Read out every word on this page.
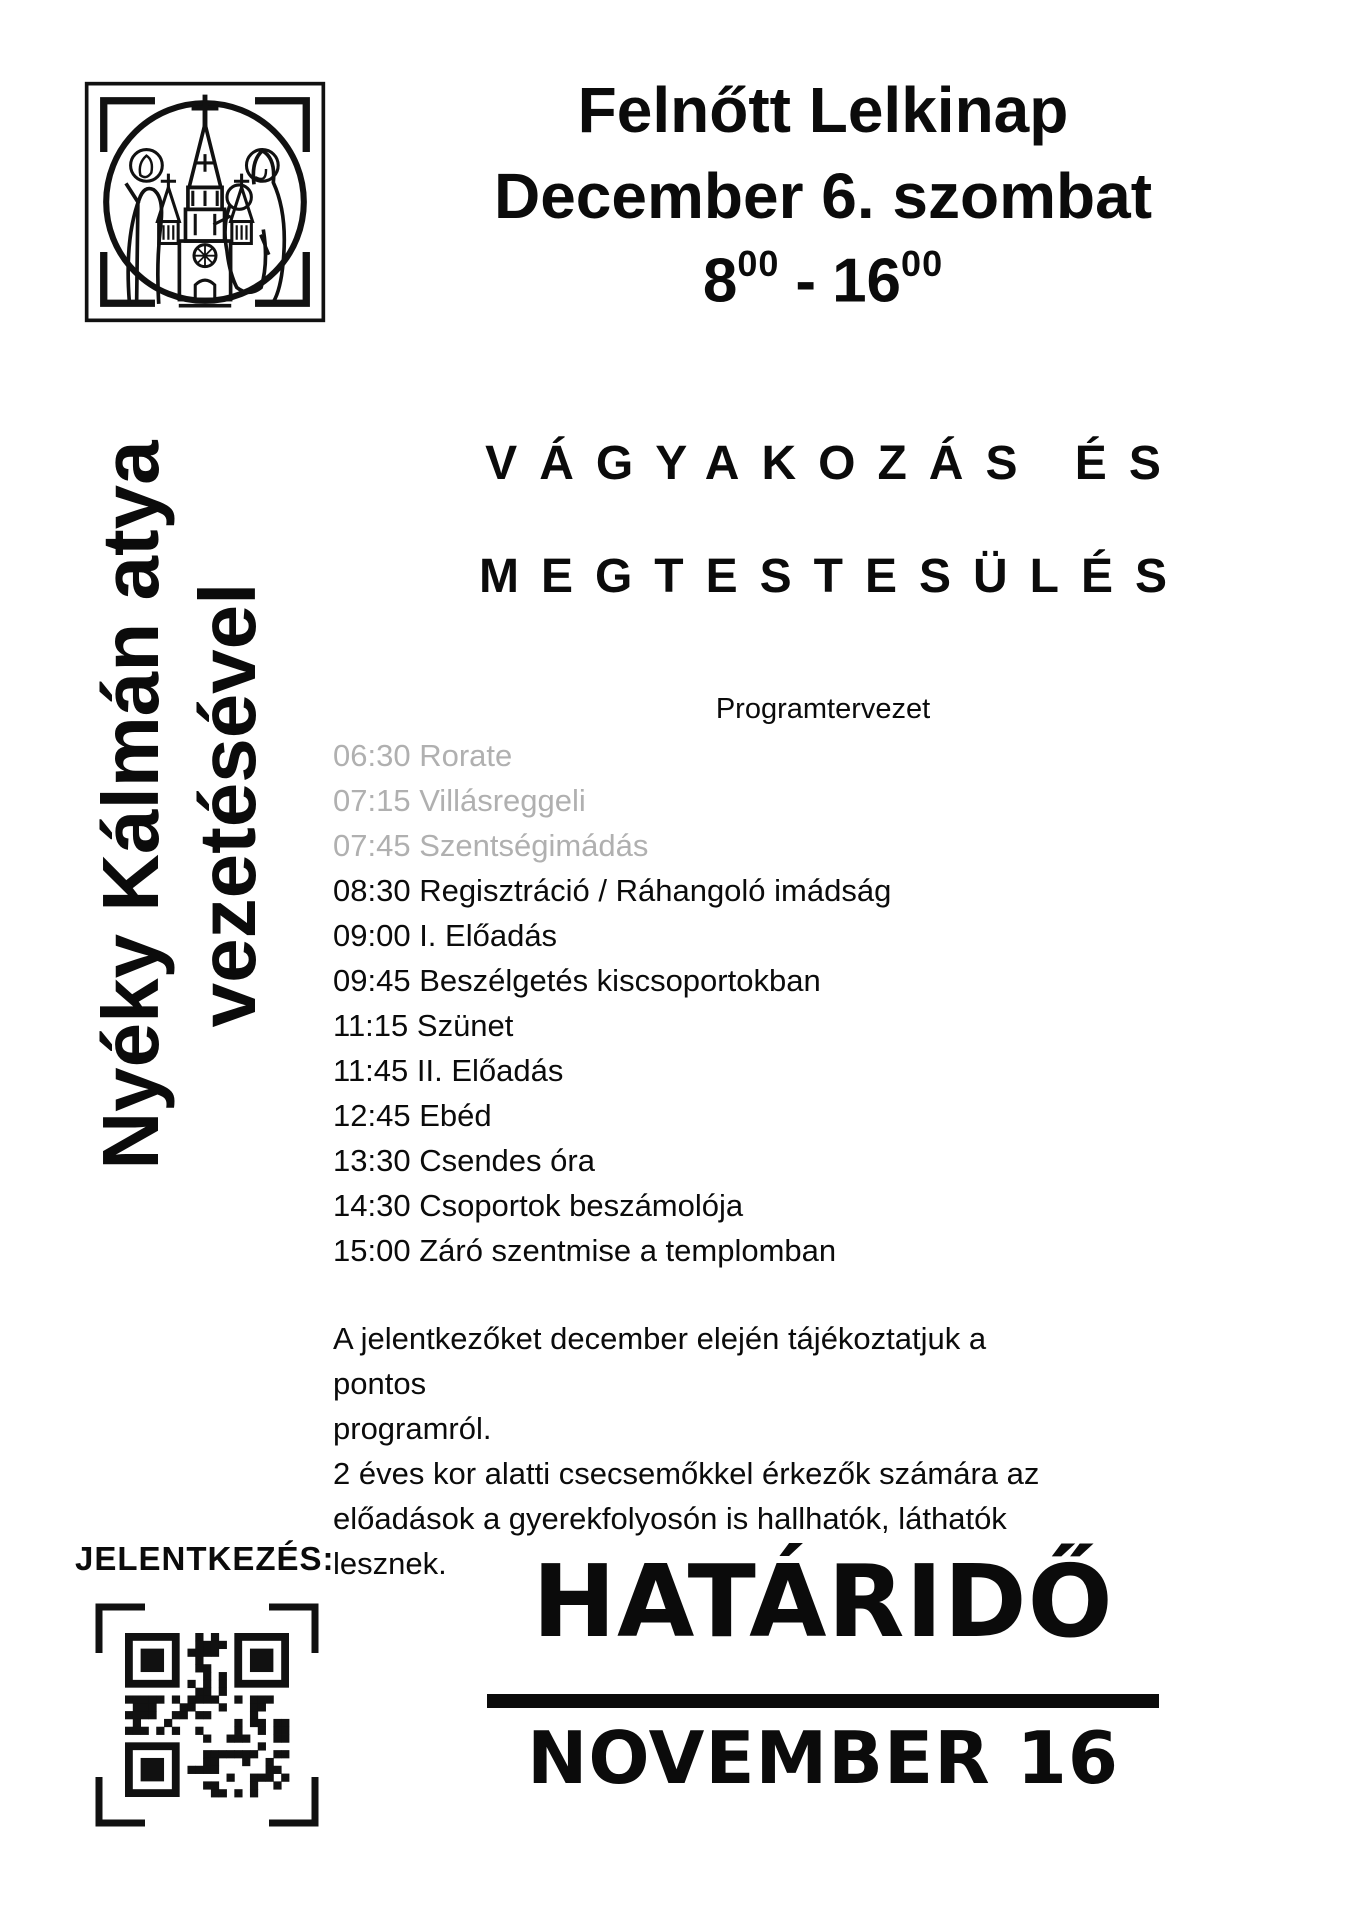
Felnőtt Lelkinap
December 6. szombat
$8^{00} - 16^{00}$
VÁGYAKOZÁS ÉS
MEGTESTESÜLÉS
Programtervezet
06:30 Rorate
07:15 Villásreggeli
07:45 Szentségimádás
08:30 Regisztráció / Ráhangoló imádság
09:00 I. Előadás
09:45 Beszélgetés kiscsoportokban
11:15 Szünet
11:45 II. Előadás
12:45 Ebéd
13:30 Csendes óra
14:30 Csoportok beszámolója
15:00 Záró szentmise a templomban
A jelentkezőket december elején tájékoztatjuk a pontos
programról.
2 éves kor alatti csecsemőkkel érkezők számára az
előadások a gyerekfolyosón is hallhatók, láthatók
lesznek.
Nyéky Kálmán atya vezetésével
JELENTKEZÉS:	HATÁRIDŐ
NOVEMBER 16
